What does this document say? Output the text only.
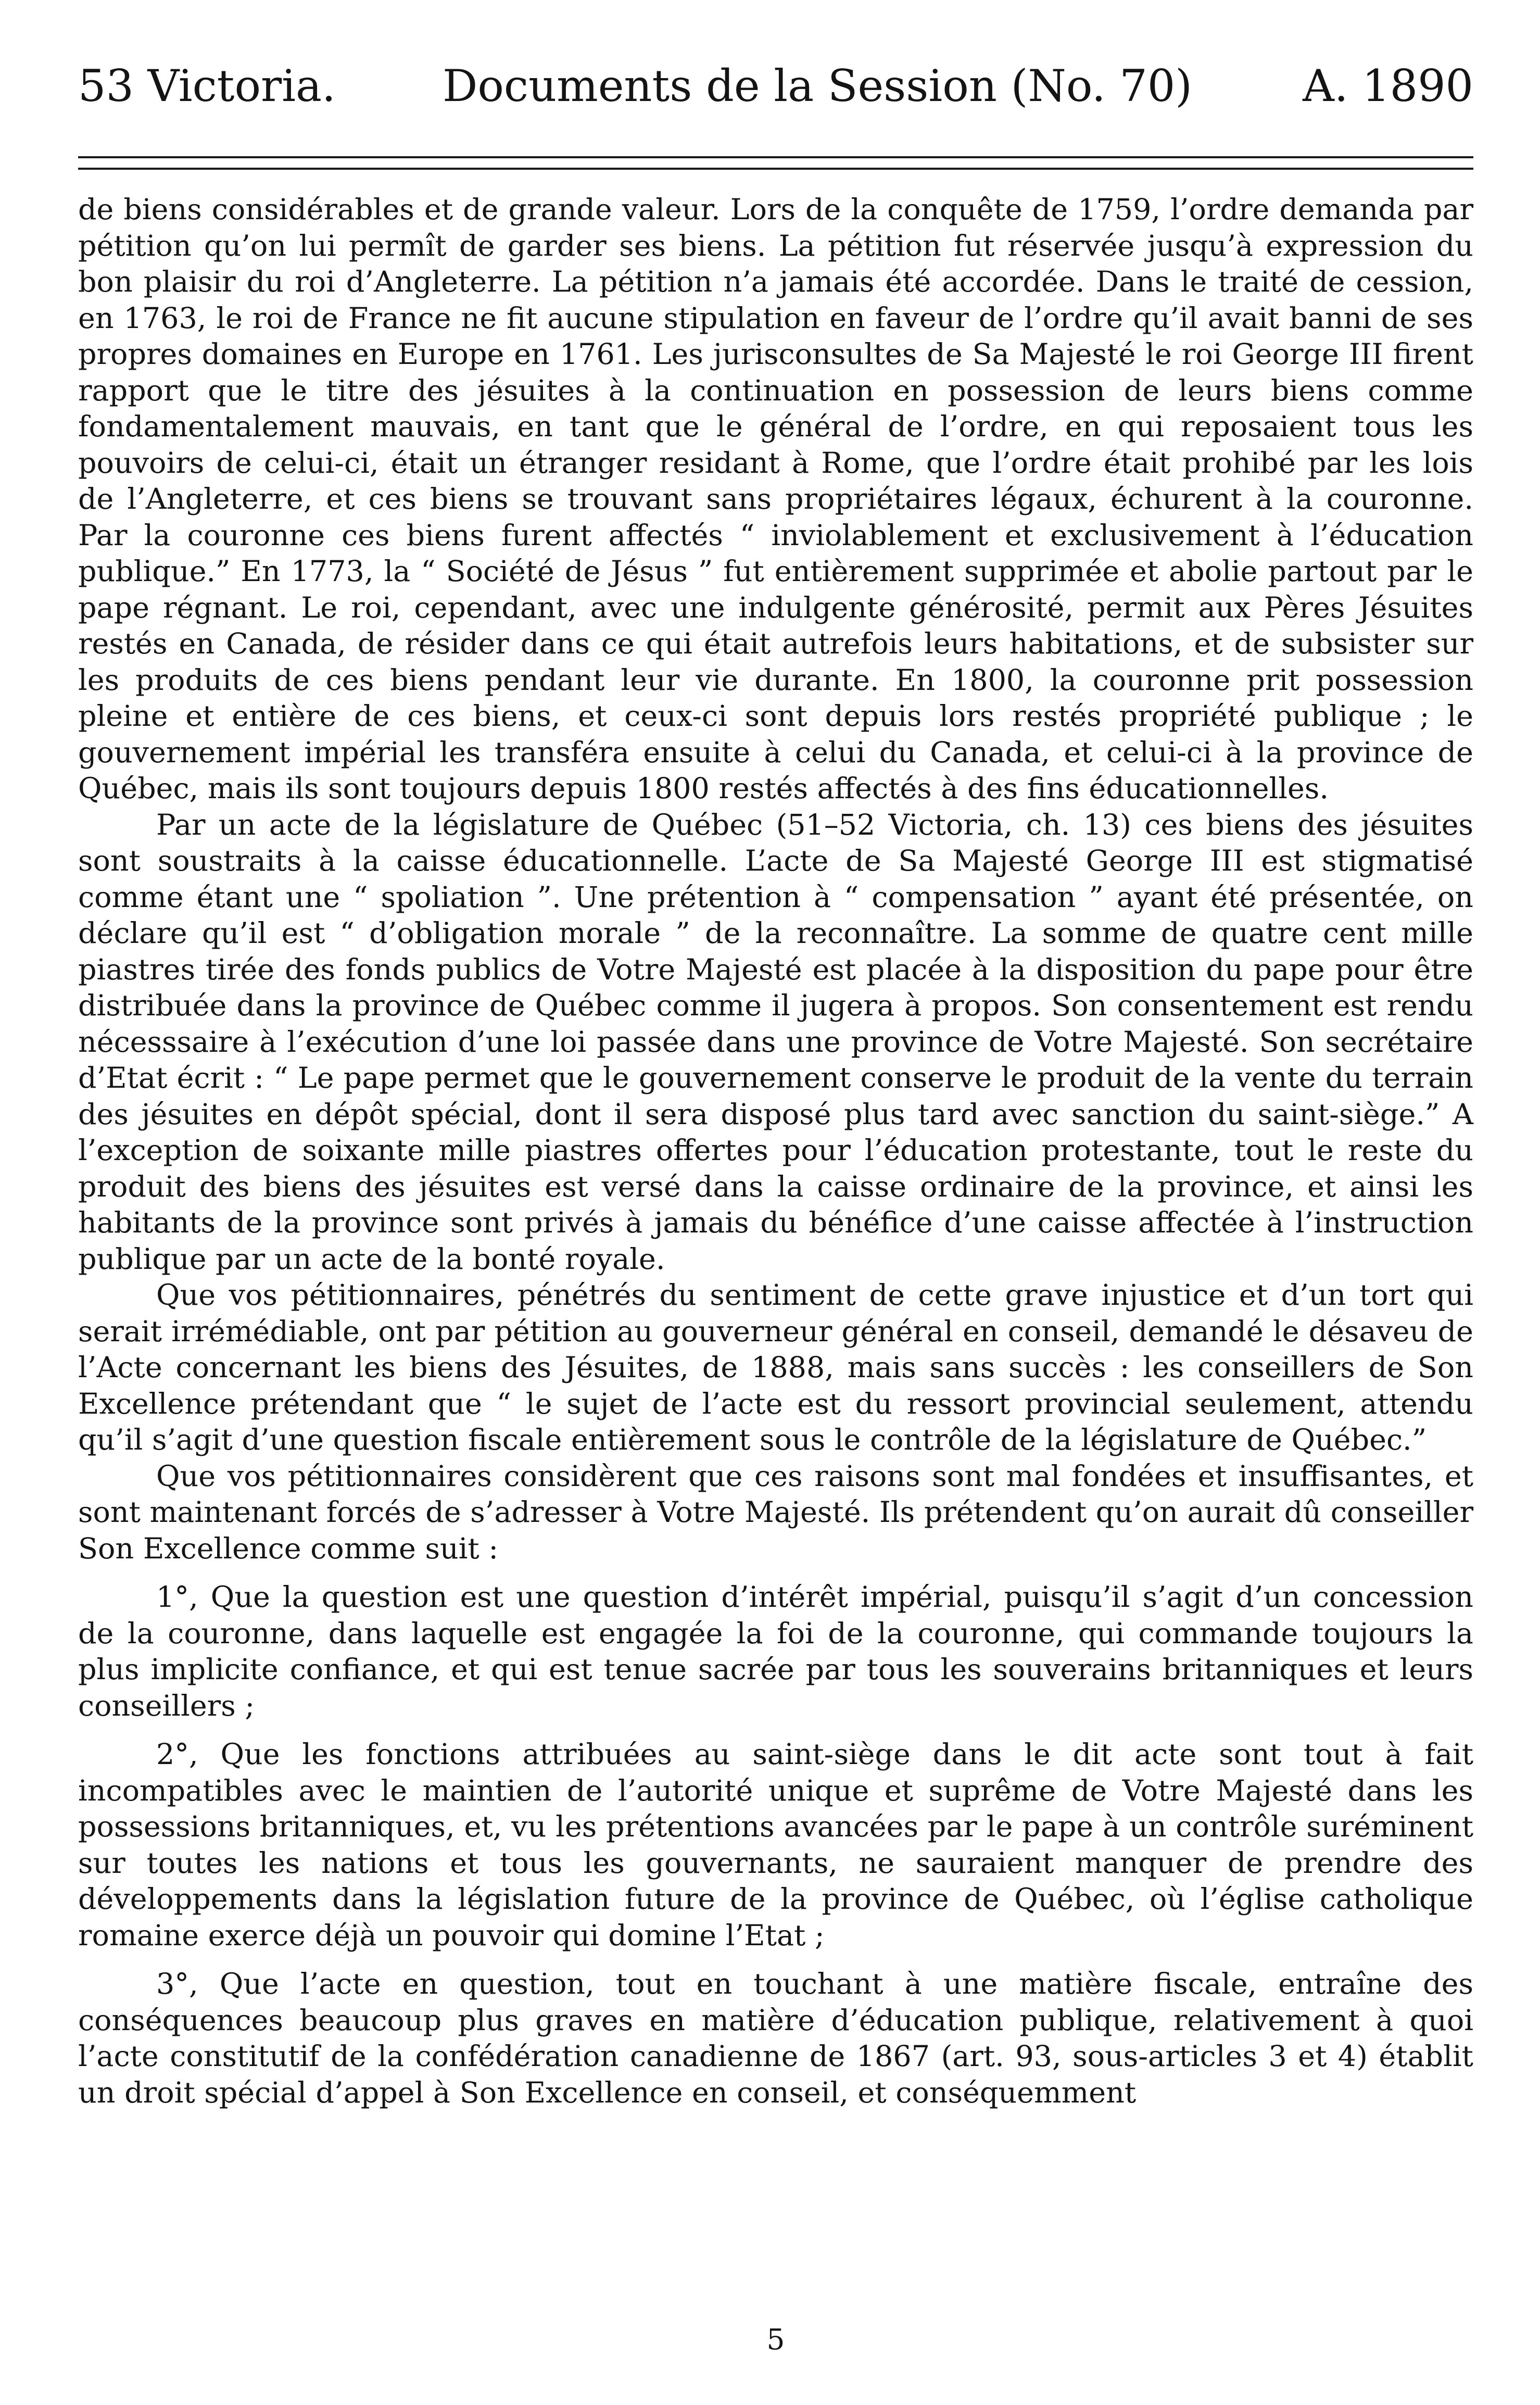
53 Victoria. Documents de la Session (No. 70)	A. 1890

de biens considérables et de grande valeur. Lors de la conquête de 1759, l’ordre demanda par pétition qu’on lui permît de garder ses biens. La pétition fut réservée jusqu’à expression du bon plaisir du roi d’Angleterre. La pétition n’a jamais été accordée. Dans le traité de cession, en 1763, le roi de France ne fit aucune stipulation en faveur de l’ordre qu’il avait banni de ses propres domaines en Europe en 1761. Les jurisconsultes de Sa Majesté le roi George III firent rapport que le titre des jésuites à la continuation en possession de leurs biens comme fondamentalement mauvais, en tant que le général de l’ordre, en qui reposaient tous les pouvoirs de celui-ci, était un étranger residant à Rome, que l’ordre était prohibé par les lois de l’Angleterre, et ces biens se trouvant sans propriétaires légaux, échurent à la couronne. Par la couronne ces biens furent affectés “ inviolablement et exclusivement à l’éducation publique.” En 1773, la “ Société de Jésus ” fut entièrement supprimée et abolie partout par le pape régnant. Le roi, cependant, avec une indulgente générosité, permit aux Pères Jésuites restés en Canada, de résider dans ce qui était autrefois leurs habitations, et de subsister sur les produits de ces biens pendant leur vie durante. En 1800, la couronne prit possession pleine et entière de ces biens, et ceux-ci sont depuis lors restés propriété publique ; le gouvernement impérial les transféra ensuite à celui du Canada, et celui-ci à la province de Québec, mais ils sont toujours depuis 1800 restés affectés à des fins éducationnelles.

Par un acte de la législature de Québec (51–52 Victoria, ch. 13) ces biens des jésuites sont soustraits à la caisse éducationnelle. L’acte de Sa Majesté George III est stigmatisé comme étant une “ spoliation ”. Une prétention à “ compensation ” ayant été présentée, on déclare qu’il est “ d’obligation morale ” de la reconnaître. La somme de quatre cent mille piastres tirée des fonds publics de Votre Majesté est placée à la disposition du pape pour être distribuée dans la province de Québec comme il jugera à propos. Son consentement est rendu nécesssaire à l’exécution d’une loi passée dans une province de Votre Majesté. Son secrétaire d’Etat écrit : “ Le pape permet que le gouvernement conserve le produit de la vente du terrain des jésuites en dépôt spécial, dont il sera disposé plus tard avec sanction du saint-siège.” A l’exception de soixante mille piastres offertes pour l’éducation protestante, tout le reste du produit des biens des jésuites est versé dans la caisse ordinaire de la province, et ainsi les habitants de la province sont privés à jamais du bénéfice d’une caisse affectée à l’instruction publique par un acte de la bonté royale.

Que vos pétitionnaires, pénétrés du sentiment de cette grave injustice et d’un tort qui serait irrémédiable, ont par pétition au gouverneur général en conseil, demandé le désaveu de l’Acte concernant les biens des Jésuites, de 1888, mais sans succès : les conseillers de Son Excellence prétendant que “ le sujet de l’acte est du ressort provincial seulement, attendu qu’il s’agit d’une question fiscale entièrement sous le contrôle de la législature de Québec.”

Que vos pétitionnaires considèrent que ces raisons sont mal fondées et insuffisantes, et sont maintenant forcés de s’adresser à Votre Majesté. Ils prétendent qu’on aurait dû conseiller Son Excellence comme suit :

1°, Que la question est une question d’intérêt impérial, puisqu’il s’agit d’un concession de la couronne, dans laquelle est engagée la foi de la couronne, qui commande toujours la plus implicite confiance, et qui est tenue sacrée par tous les souverains britanniques et leurs conseillers ;

2°, Que les fonctions attribuées au saint-siège dans le dit acte sont tout à fait incompatibles avec le maintien de l’autorité unique et suprême de Votre Majesté dans les possessions britanniques, et, vu les prétentions avancées par le pape à un contrôle suréminent sur toutes les nations et tous les gouvernants, ne sauraient manquer de prendre des développements dans la législation future de la province de Québec, où l’église catholique romaine exerce déjà un pouvoir qui domine l’Etat ;

3°, Que l’acte en question, tout en touchant à une matière fiscale, entraîne des conséquences beaucoup plus graves en matière d’éducation publique, relativement à quoi l’acte constitutif de la confédération canadienne de 1867 (art. 93, sous-articles 3 et 4) établit un droit spécial d’appel à Son Excellence en conseil, et conséquemment

5
